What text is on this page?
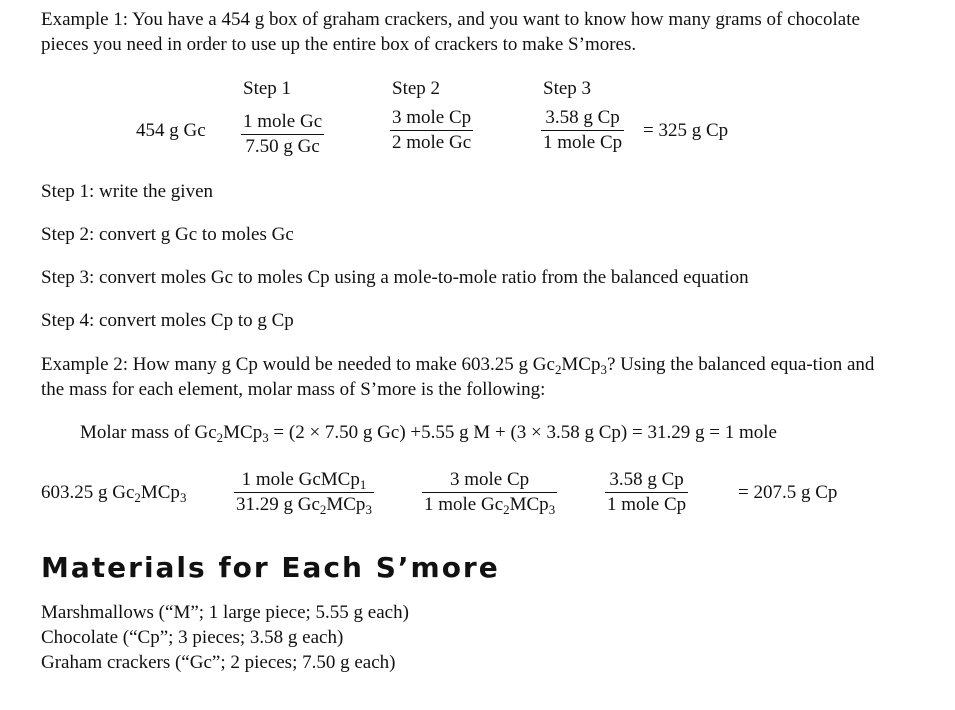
Example 1: You have a 454 g box of graham crackers, and you want to know how many grams of chocolate pieces you need in order to use up the entire box of crackers to make S’mores.
Step 1	Step 2	Step 3
454 g Gc 1 mole Gc
7.50 g Gc
3 mole Cp
2 mole Gc
3.58 g Cp
1 mole Cp
= 325 g Cp
Step 1: write the given
Step 2: convert g Gc to moles Gc
Step 3: convert moles Gc to moles Cp using a mole-to-mole ratio from the balanced equation
Step 4: convert moles Cp to g Cp
Example 2: How many g Cp would be needed to make 603.25 g $Gc_2MCp_3$? Using the balanced equa-tion and the mass for each element, molar mass of S’more is the following:
Molar mass of $Gc_2MCp_3 = (2 \times 7.50$ g Gc) +5.55 g M + (3 × 3.58 g Cp) = 31.29 g = 1 mole
603.25 g $Gc_2MCp_3$
1 mole GcMCp$_1$
31.29 g $Gc_2MCp_3$
3 mole Cp
1 mole $Gc_2MCp_3$
3.58 g Cp
1 mole Cp
= 207.5 g Cp
Materials for Each S’more
Marshmallows (“M”; 1 large piece; 5.55 g each)
Chocolate (“Cp”; 3 pieces; 3.58 g each)
Graham crackers (“Gc”; 2 pieces; 7.50 g each)
